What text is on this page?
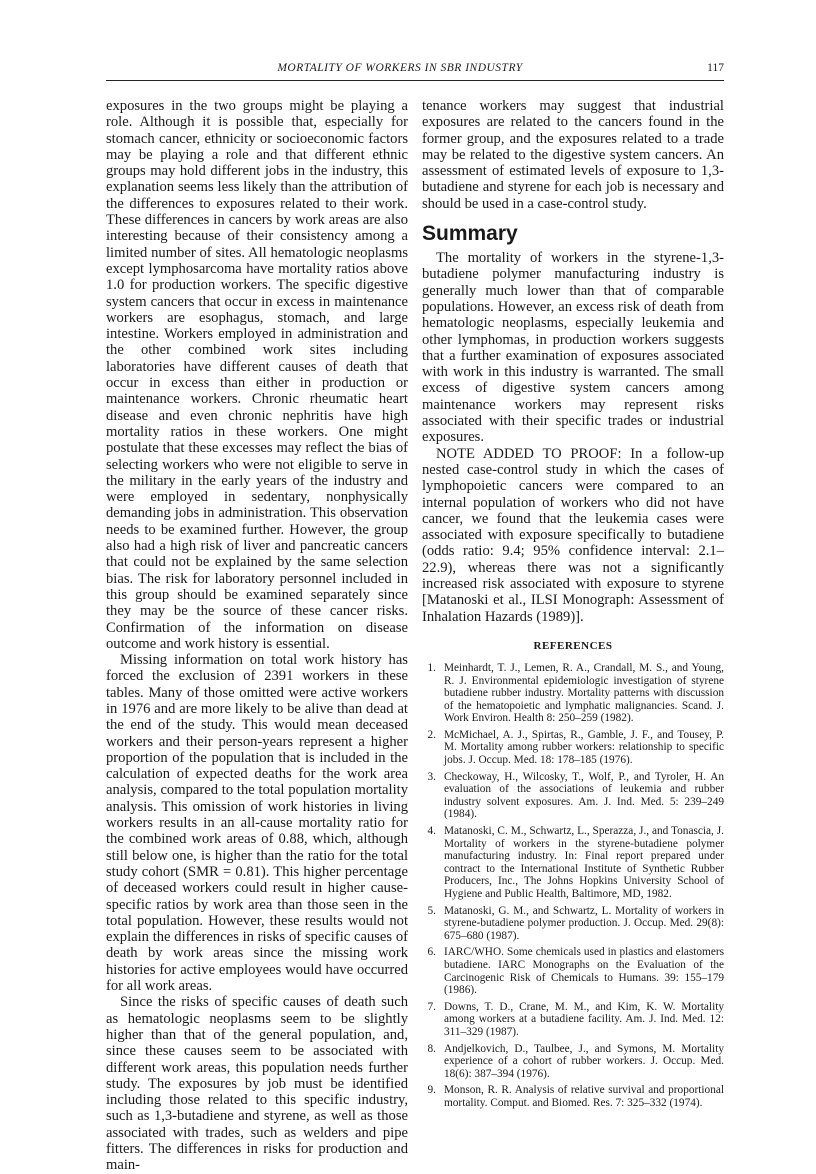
MORTALITY OF WORKERS IN SBR INDUSTRY	117

exposures in the two groups might be playing a role. Although it is possible that, especially for stomach cancer, ethnicity or socioeconomic factors may be playing a role and that different ethnic groups may hold different jobs in the industry, this explanation seems less likely than the attribution of the differences to exposures related to their work. These differences in cancers by work areas are also interesting because of their consistency among a limited number of sites. All hematologic neoplasms except lymphosarcoma have mortality ratios above 1.0 for production workers. The specific digestive system cancers that occur in excess in maintenance workers are esophagus, stomach, and large intestine. Workers employed in administration and the other combined work sites including laboratories have different causes of death that occur in excess than either in production or maintenance workers. Chronic rheumatic heart disease and even chronic nephritis have high mortality ratios in these workers. One might postulate that these excesses may reflect the bias of selecting workers who were not eligible to serve in the military in the early years of the industry and were employed in sedentary, nonphysically demanding jobs in administration. This observation needs to be examined further. However, the group also had a high risk of liver and pancreatic cancers that could not be explained by the same selection bias. The risk for laboratory personnel included in this group should be examined separately since they may be the source of these cancer risks. Confirmation of the information on disease outcome and work history is essential.

Missing information on total work history has forced the exclusion of 2391 workers in these tables. Many of those omitted were active workers in 1976 and are more likely to be alive than dead at the end of the study. This would mean deceased workers and their person-years represent a higher proportion of the population that is included in the calculation of expected deaths for the work area analysis, compared to the total population mortality analysis. This omission of work histories in living workers results in an all-cause mortality ratio for the combined work areas of 0.88, which, although still below one, is higher than the ratio for the total study cohort (SMR = 0.81). This higher percentage of deceased workers could result in higher cause-specific ratios by work area than those seen in the total population. However, these results would not explain the differences in risks of specific causes of death by work areas since the missing work histories for active employees would have occurred for all work areas.

Since the risks of specific causes of death such as hematologic neoplasms seem to be slightly higher than that of the general population, and, since these causes seem to be associated with different work areas, this population needs further study. The exposures by job must be identified including those related to this specific industry, such as 1,3-butadiene and styrene, as well as those associated with trades, such as welders and pipe fitters. The differences in risks for production and main-

tenance workers may suggest that industrial exposures are related to the cancers found in the former group, and the exposures related to a trade may be related to the digestive system cancers. An assessment of estimated levels of exposure to 1,3-butadiene and styrene for each job is necessary and should be used in a case-control study.

Summary

The mortality of workers in the styrene-1,3-butadiene polymer manufacturing industry is generally much lower than that of comparable populations. However, an excess risk of death from hematologic neoplasms, especially leukemia and other lymphomas, in production workers suggests that a further examination of exposures associated with work in this industry is warranted. The small excess of digestive system cancers among maintenance workers may represent risks associated with their specific trades or industrial exposures.

NOTE ADDED TO PROOF: In a follow-up nested case-control study in which the cases of lymphopoietic cancers were compared to an internal population of workers who did not have cancer, we found that the leukemia cases were associated with exposure specifically to butadiene (odds ratio: 9.4; 95% confidence interval: 2.1–22.9), whereas there was not a significantly increased risk associated with exposure to styrene [Matanoski et al., ILSI Monograph: Assessment of Inhalation Hazards (1989)].

REFERENCES
1. Meinhardt, T. J., Lemen, R. A., Crandall, M. S., and Young, R. J. Environmental epidemiologic investigation of styrene butadiene rubber industry. Mortality patterns with discussion of the hematopoietic and lymphatic malignancies. Scand. J. Work Environ. Health 8: 250–259 (1982).
2. McMichael, A. J., Spirtas, R., Gamble, J. F., and Tousey, P. M. Mortality among rubber workers: relationship to specific jobs. J. Occup. Med. 18: 178–185 (1976).
3. Checkoway, H., Wilcosky, T., Wolf, P., and Tyroler, H. An evaluation of the associations of leukemia and rubber industry solvent exposures. Am. J. Ind. Med. 5: 239–249 (1984).
4. Matanoski, C. M., Schwartz, L., Sperazza, J., and Tonascia, J. Mortality of workers in the styrene-butadiene polymer manufacturing industry. In: Final report prepared under contract to the International Institute of Synthetic Rubber Producers, Inc., The Johns Hopkins University School of Hygiene and Public Health, Baltimore, MD, 1982.
5. Matanoski, G. M., and Schwartz, L. Mortality of workers in styrene-butadiene polymer production. J. Occup. Med. 29(8): 675–680 (1987).
6. IARC/WHO. Some chemicals used in plastics and elastomers butadiene. IARC Monographs on the Evaluation of the Carcinogenic Risk of Chemicals to Humans. 39: 155–179 (1986).
7. Downs, T. D., Crane, M. M., and Kim, K. W. Mortality among workers at a butadiene facility. Am. J. Ind. Med. 12: 311–329 (1987).
8. Andjelkovich, D., Taulbee, J., and Symons, M. Mortality experience of a cohort of rubber workers. J. Occup. Med. 18(6): 387–394 (1976).
9. Monson, R. R. Analysis of relative survival and proportional mortality. Comput. and Biomed. Res. 7: 325–332 (1974).
